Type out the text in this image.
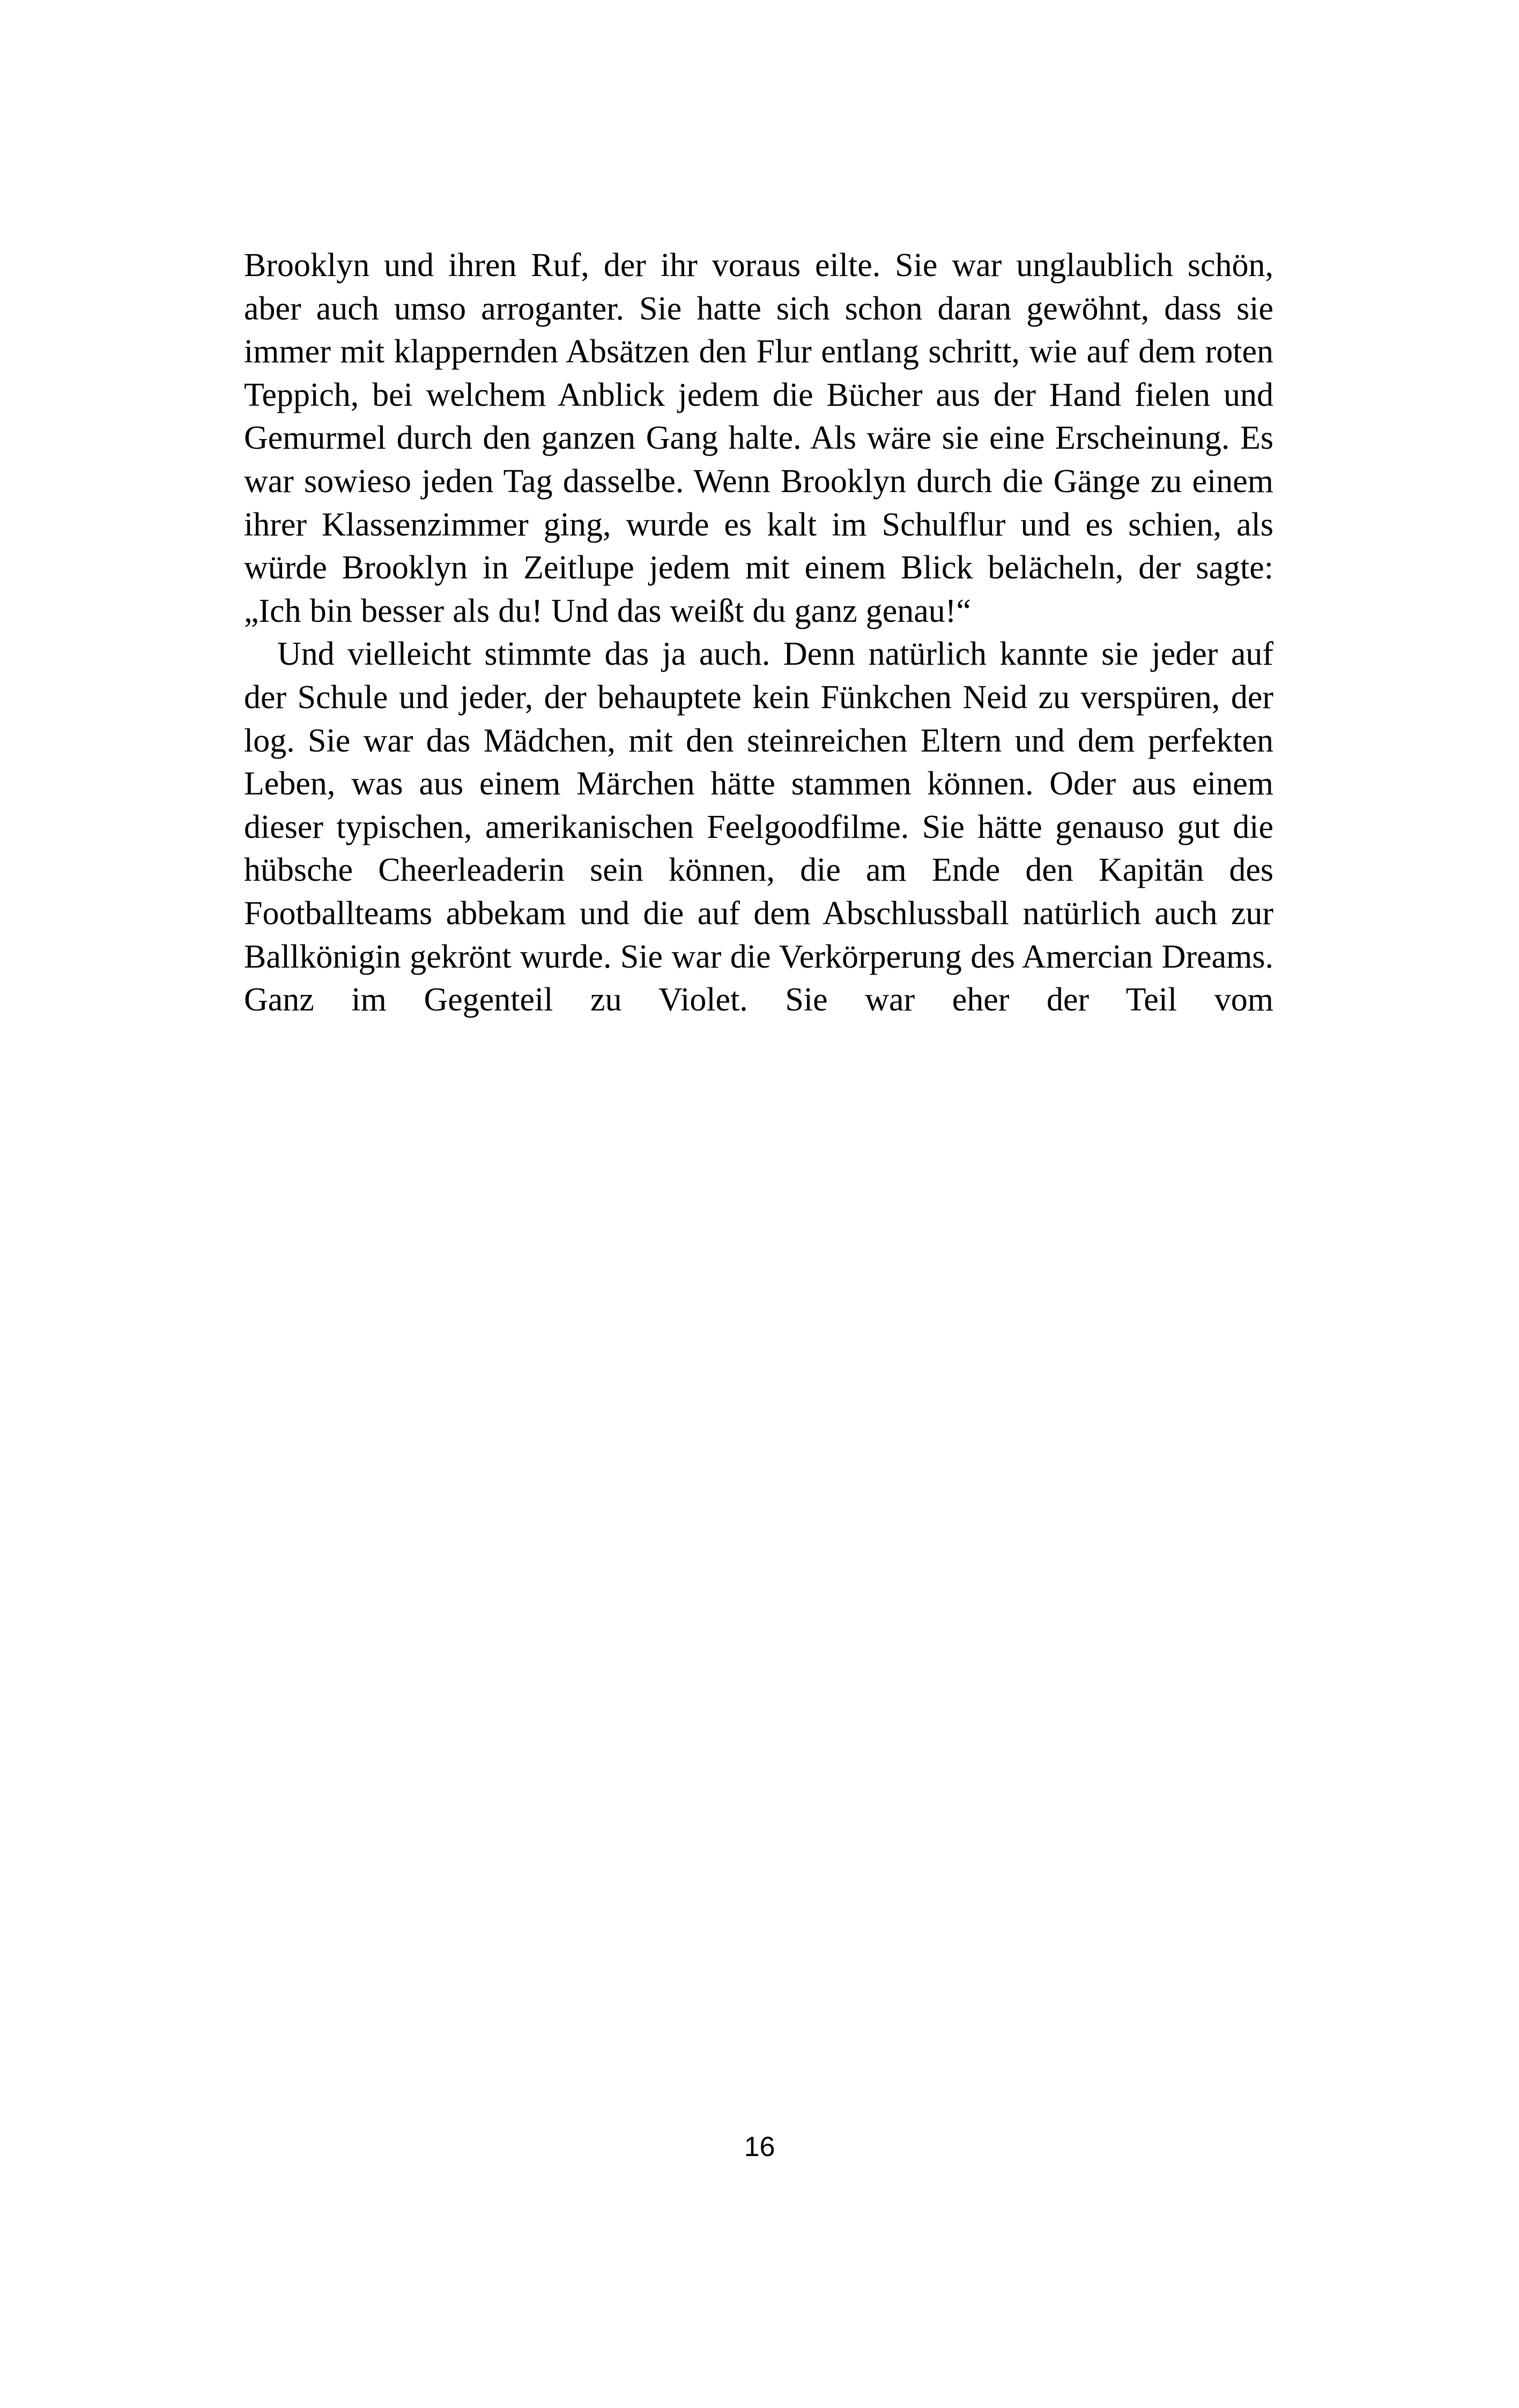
Brooklyn und ihren Ruf, der ihr voraus eilte. Sie war unglaublich schön, aber auch umso arroganter. Sie hatte sich schon daran gewöhnt, dass sie immer mit klappernden Absätzen den Flur entlang schritt, wie auf dem roten Teppich, bei welchem Anblick jedem die Bücher aus der Hand fielen und Gemurmel durch den ganzen Gang halte. Als wäre sie eine Erscheinung. Es war sowieso jeden Tag dasselbe. Wenn Brooklyn durch die Gänge zu einem ihrer Klassenzimmer ging, wurde es kalt im Schulflur und es schien, als würde Brooklyn in Zeitlupe jedem mit einem Blick belächeln, der sagte: „Ich bin besser als du! Und das weißt du ganz genau!“

Und vielleicht stimmte das ja auch. Denn natürlich kannte sie jeder auf der Schule und jeder, der behauptete kein Fünkchen Neid zu verspüren, der log. Sie war das Mädchen, mit den steinreichen Eltern und dem perfekten Leben, was aus einem Märchen hätte stammen können. Oder aus einem dieser typischen, amerikanischen Feelgoodfilme. Sie hätte genauso gut die hübsche Cheerleaderin sein können, die am Ende den Kapitän des Footballteams abbekam und die auf dem Abschlussball natürlich auch zur Ballkönigin gekrönt wurde. Sie war die Verkörperung des Amercian Dreams. Ganz im Gegenteil zu Violet. Sie war eher der Teil vom

16
